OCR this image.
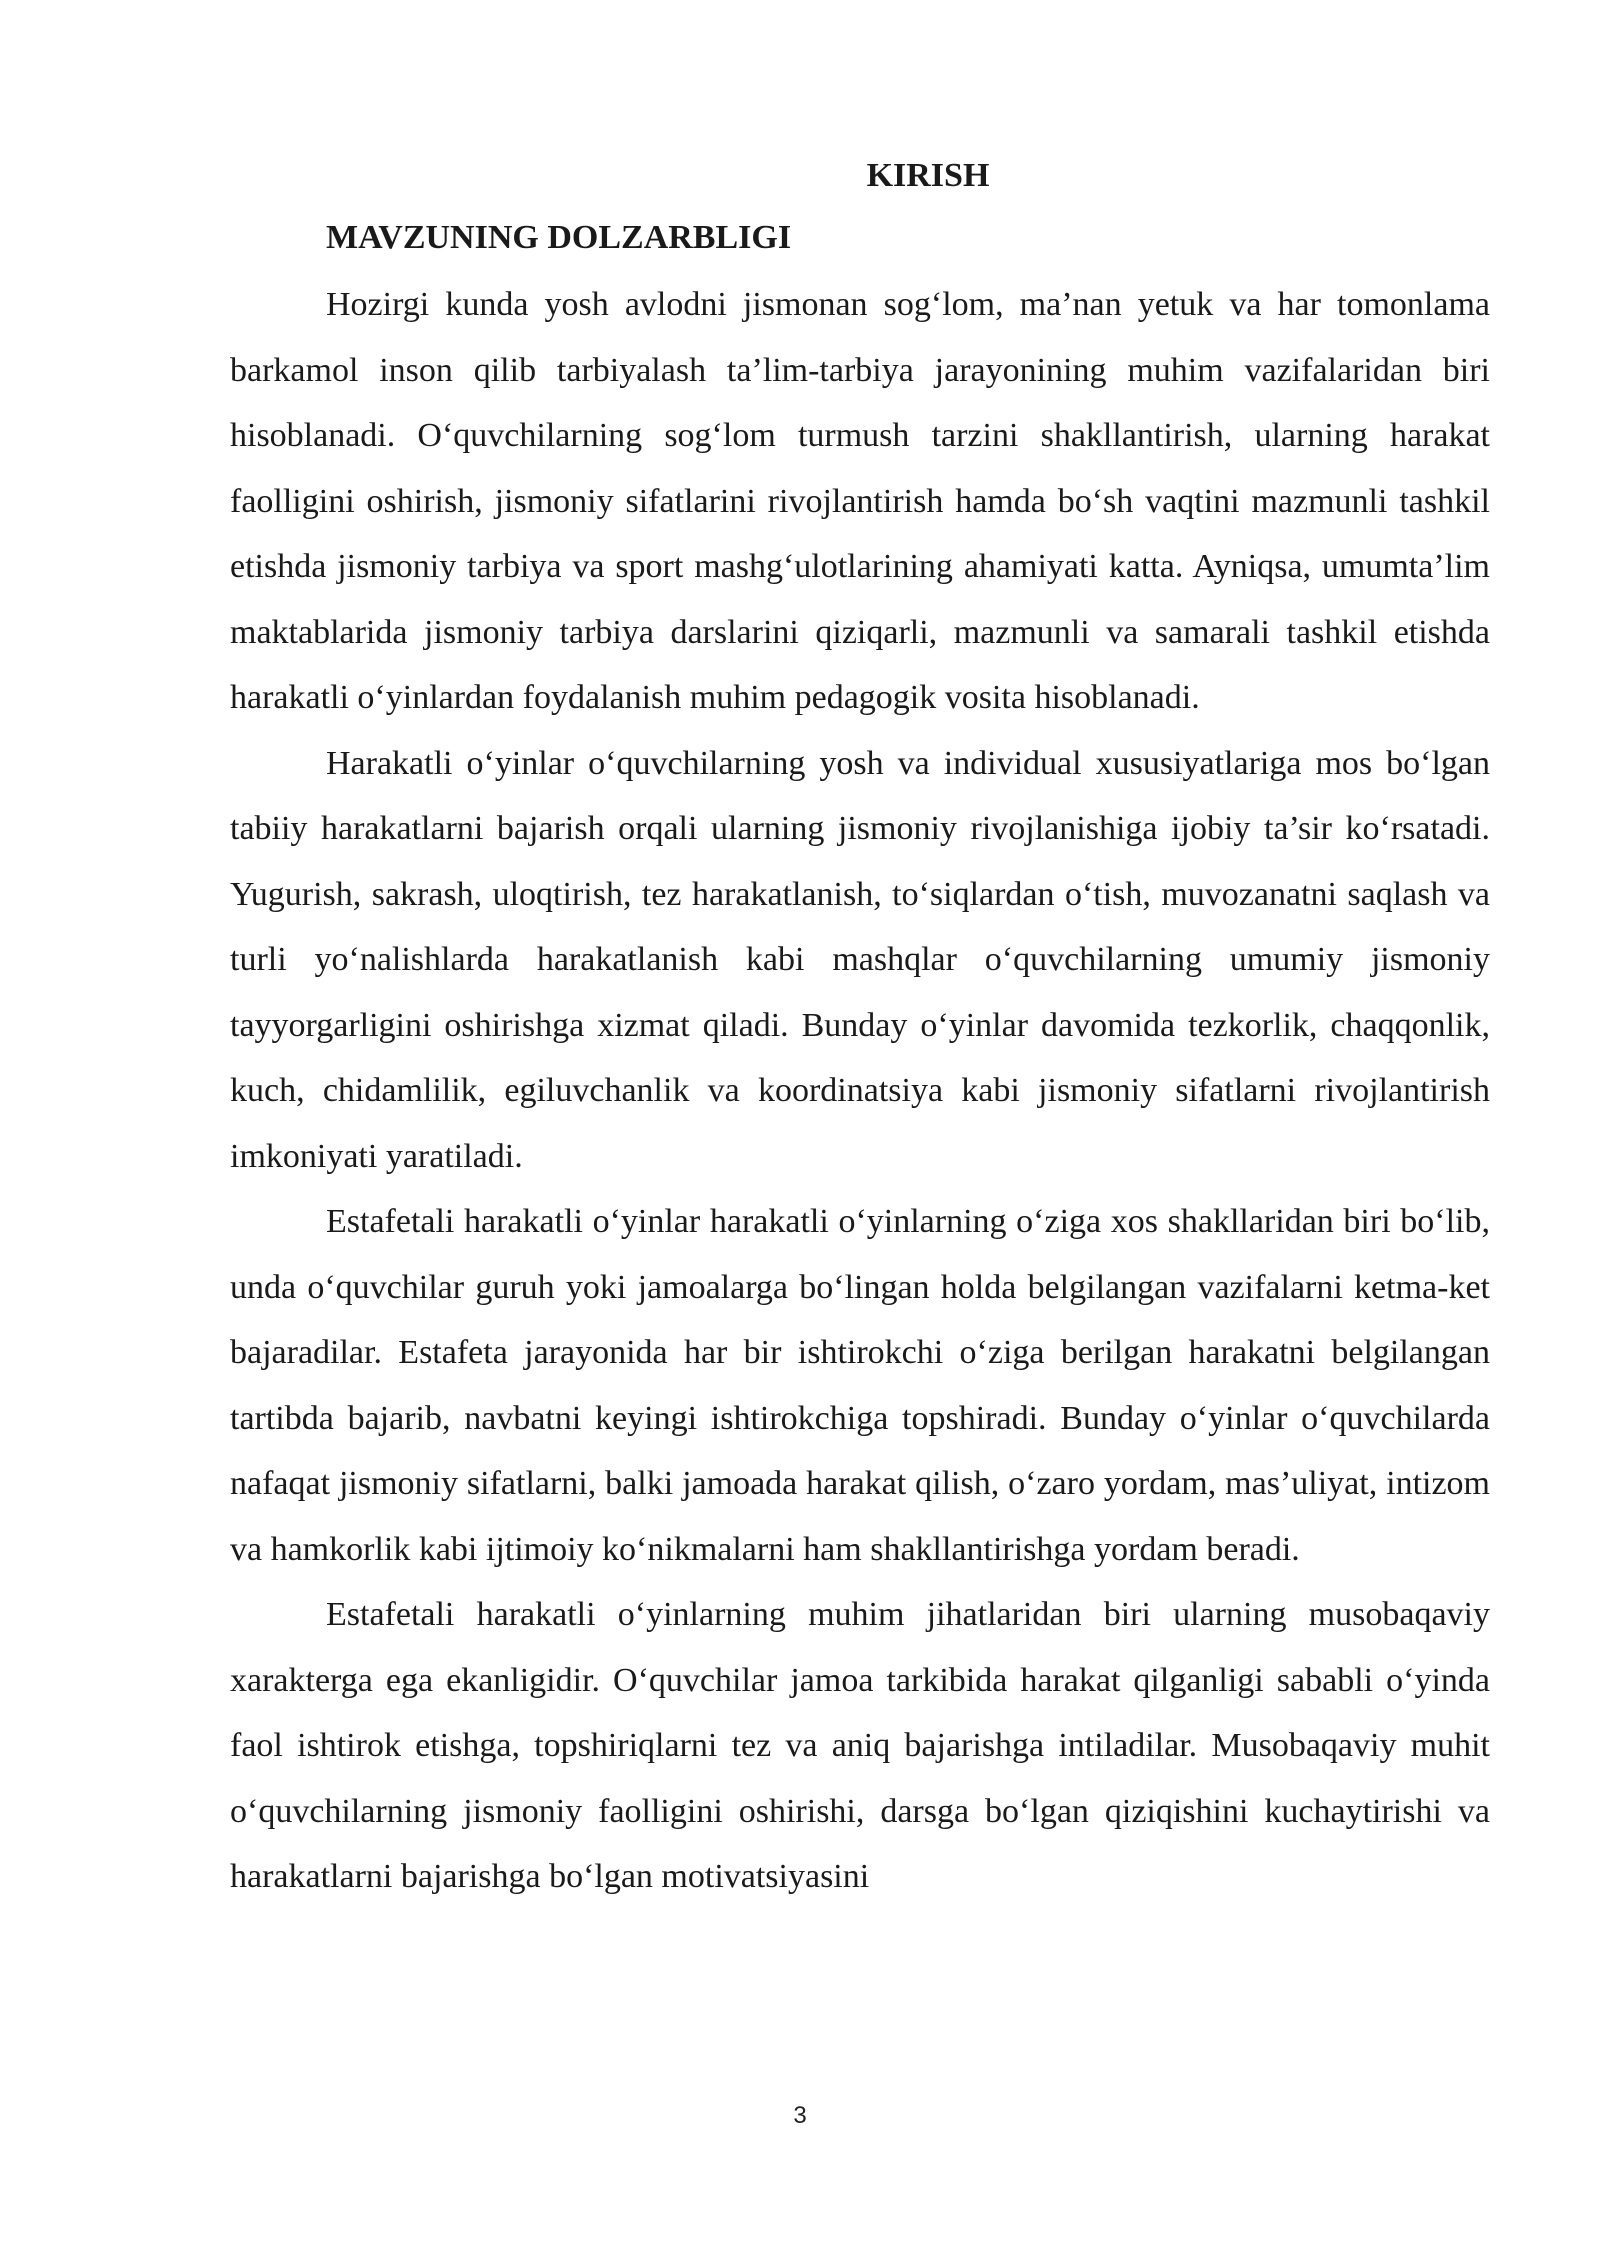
KIRISH
MAVZUNING DOLZARBLIGI

Hozirgi kunda yosh avlodni jismonan sog‘lom, ma’nan yetuk va har tomonlama barkamol inson qilib tarbiyalash ta’lim-tarbiya jarayonining muhim vazifalaridan biri hisoblanadi. O‘quvchilarning sog‘lom turmush tarzini shakllantirish, ularning harakat faolligini oshirish, jismoniy sifatlarini rivojlantirish hamda bo‘sh vaqtini mazmunli tashkil etishda jismoniy tarbiya va sport mashg‘ulotlarining ahamiyati katta. Ayniqsa, umumta’lim maktablarida jismoniy tarbiya darslarini qiziqarli, mazmunli va samarali tashkil etishda harakatli o‘yinlardan foydalanish muhim pedagogik vosita hisoblanadi.

Harakatli o‘yinlar o‘quvchilarning yosh va individual xususiyatlariga mos bo‘lgan tabiiy harakatlarni bajarish orqali ularning jismoniy rivojlanishiga ijobiy ta’sir ko‘rsatadi. Yugurish, sakrash, uloqtirish, tez harakatlanish, to‘siqlardan o‘tish, muvozanatni saqlash va turli yo‘nalishlarda harakatlanish kabi mashqlar o‘quvchilarning umumiy jismoniy tayyorgarligini oshirishga xizmat qiladi. Bunday o‘yinlar davomida tezkorlik, chaqqonlik, kuch, chidamlilik, egiluvchanlik va koordinatsiya kabi jismoniy sifatlarni rivojlantirish imkoniyati yaratiladi.

Estafetali harakatli o‘yinlar harakatli o‘yinlarning o‘ziga xos shakllaridan biri bo‘lib, unda o‘quvchilar guruh yoki jamoalarga bo‘lingan holda belgilangan vazifalarni ketma-ket bajaradilar. Estafeta jarayonida har bir ishtirokchi o‘ziga berilgan harakatni belgilangan tartibda bajarib, navbatni keyingi ishtirokchiga topshiradi. Bunday o‘yinlar o‘quvchilarda nafaqat jismoniy sifatlarni, balki jamoada harakat qilish, o‘zaro yordam, mas’uliyat, intizom va hamkorlik kabi ijtimoiy ko‘nikmalarni ham shakllantirishga yordam beradi.

Estafetali harakatli o‘yinlarning muhim jihatlaridan biri ularning musobaqaviy xarakterga ega ekanligidir. O‘quvchilar jamoa tarkibida harakat qilganligi sababli o‘yinda faol ishtirok etishga, topshiriqlarni tez va aniq bajarishga intiladilar. Musobaqaviy muhit o‘quvchilarning jismoniy faolligini oshirishi, darsga bo‘lgan qiziqishini kuchaytirishi va harakatlarni bajarishga bo‘lgan motivatsiyasini

3
